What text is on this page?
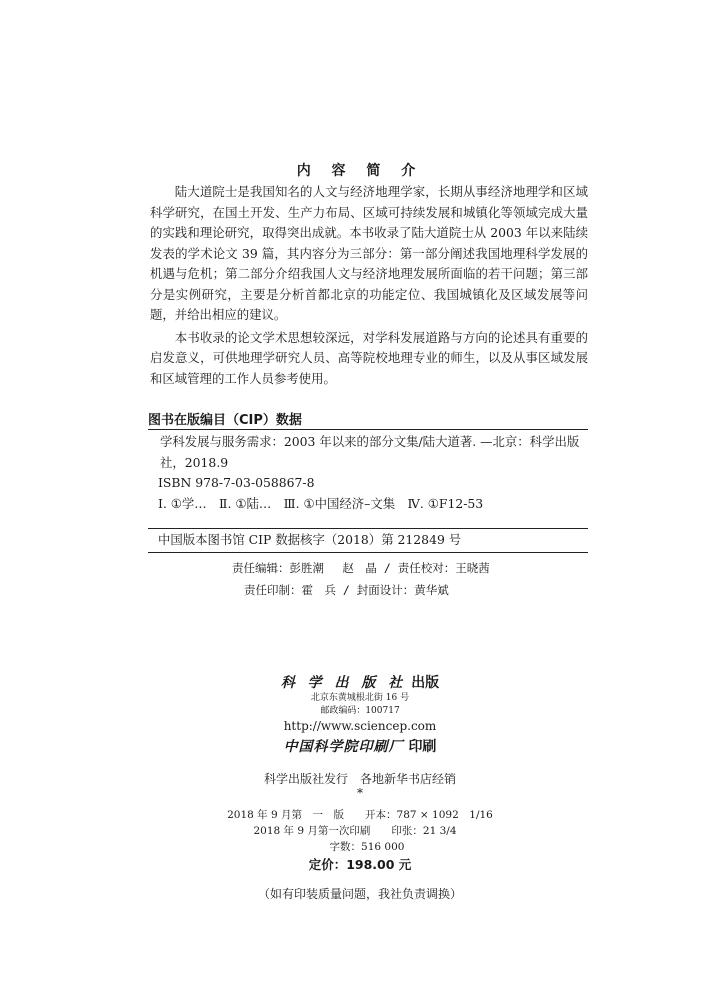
内 容 简 介

陆大道院士是我国知名的人文与经济地理学家，长期从事经济地理学和区域科学研究，在国土开发、生产力布局、区域可持续发展和城镇化等领域完成大量的实践和理论研究，取得突出成就。本书收录了陆大道院士从 2003 年以来陆续发表的学术论文 39 篇，其内容分为三部分：第一部分阐述我国地理科学发展的机遇与危机；第二部分介绍我国人文与经济地理发展所面临的若干问题；第三部分是实例研究，主要是分析首都北京的功能定位、我国城镇化及区域发展等问题，并给出相应的建议。

本书收录的论文学术思想较深远，对学科发展道路与方向的论述具有重要的启发意义，可供地理学研究人员、高等院校地理专业的师生，以及从事区域发展和区域管理的工作人员参考使用。

图书在版编目（CIP）数据
学科发展与服务需求：2003 年以来的部分文集/陆大道著. —北京：科学出版社，2018.9
ISBN 978-7-03-058867-8
Ⅰ. ①学…　Ⅱ. ①陆…　Ⅲ. ①中国经济–文集　Ⅳ. ①F12-53
中国版本图书馆 CIP 数据核字（2018）第 212849 号
责任编辑：彭胜潮　 赵　晶 / 责任校对：王晓茜
责任印制：霍　兵 / 封面设计：黄华斌
科 学 出 版 社 出版
北京东黄城根北街 16 号
邮政编码：100717
http://www.sciencep.com
中国科学院印刷厂 印刷
科学出版社发行　各地新华书店经销
*
2018 年 9 月第　一　版　　开本：787 × 1092　1/16
2018 年 9 月第一次印刷　　印张：21 3/4
字数：516 000
定价：198.00 元
（如有印装质量问题，我社负责调换）
